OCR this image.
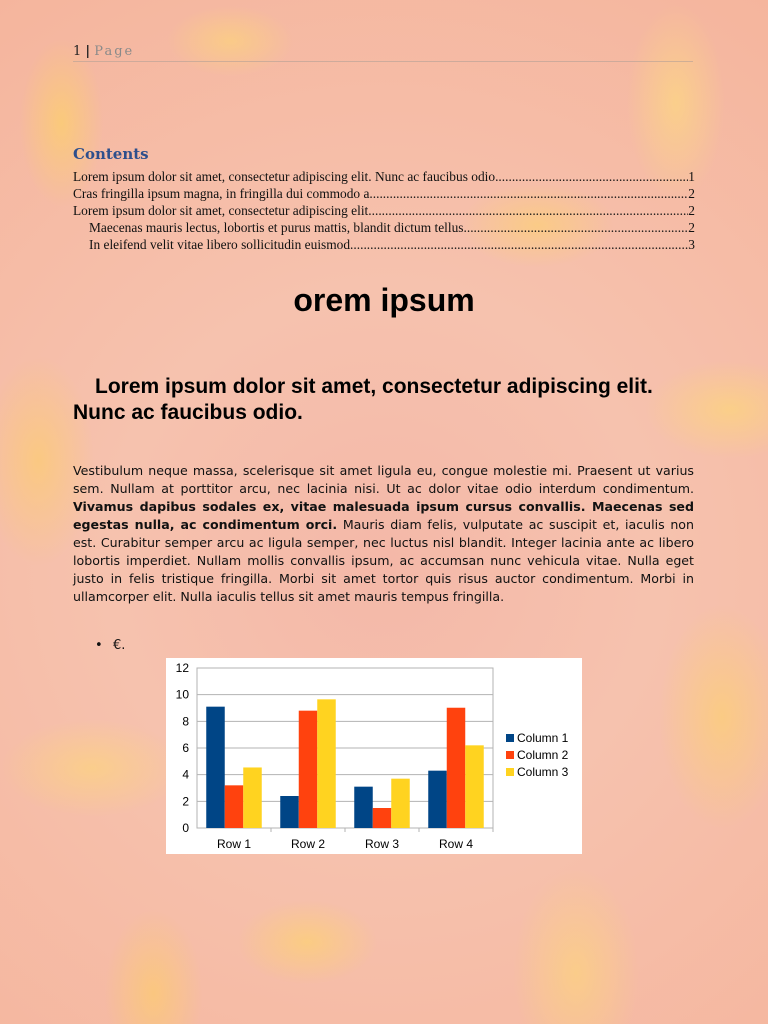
1 | Page
Contents
Lorem ipsum dolor sit amet, consectetur adipiscing elit. Nunc ac faucibus odio. .....	1
Cras fringilla ipsum magna, in fringilla dui commodo a. .....	2
Lorem ipsum dolor sit amet, consectetur adipiscing elit. .....	2
Maecenas mauris lectus, lobortis et purus mattis, blandit dictum tellus. .....	2
In eleifend velit vitae libero sollicitudin euismod. .....	3
orem ipsum
Lorem ipsum dolor sit amet, consectetur adipiscing elit. Nunc ac faucibus odio.
Vestibulum neque massa, scelerisque sit amet ligula eu, congue molestie mi. Praesent ut varius sem. Nullam at porttitor arcu, nec lacinia nisi. Ut ac dolor vitae odio interdum condimentum. Vivamus dapibus sodales ex, vitae malesuada ipsum cursus convallis. Maecenas sed egestas nulla, ac condimentum orci. Mauris diam felis, vulputate ac suscipit et, iaculis non est. Curabitur semper arcu ac ligula semper, nec luctus nisl blandit. Integer lacinia ante ac libero lobortis imperdiet. Nullam mollis convallis ipsum, ac accumsan nunc vehicula vitae. Nulla eget justo in felis tristique fringilla. Morbi sit amet tortor quis risus auctor condimentum. Morbi in ullamcorper elit. Nulla iaculis tellus sit amet mauris tempus fringilla.
• €.
0
2
4
6
8
10
12
Row 1	Row 2	Row 3	Row 4
Column 1
Column 2
Column 3
